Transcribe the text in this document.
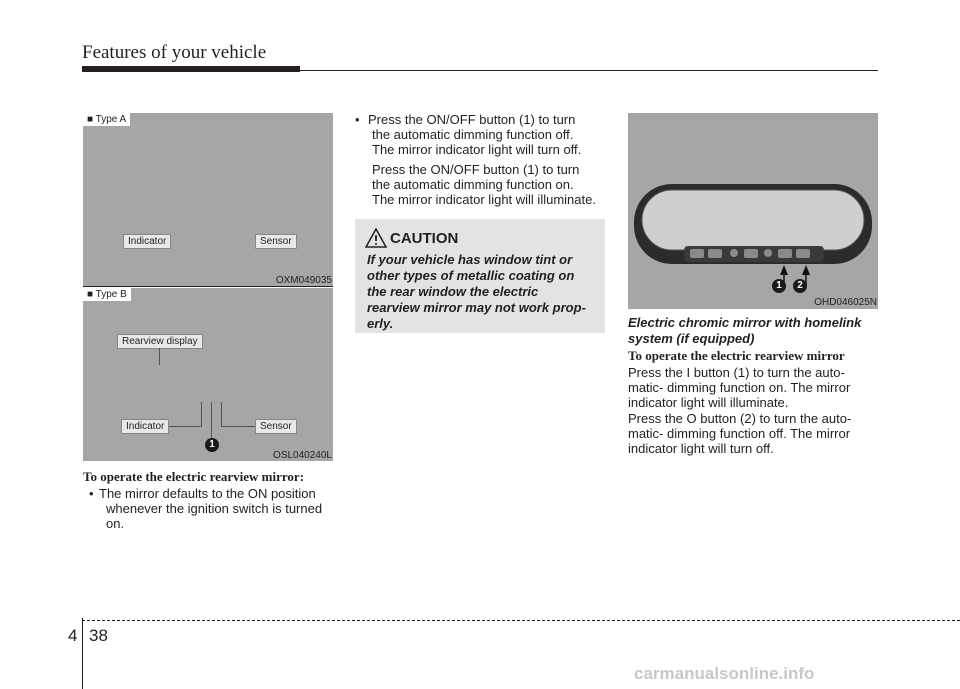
Features of your vehicle
■ Type A
Indicator	Sensor
OXM049035
■ Type B
Rearview display
Indicator	Sensor
1
OSL040240L
To operate the electric rearview mirror:
• The mirror defaults to the ON position
whenever the ignition switch is turned
on.
• Press the ON/OFF button (1) to turn
the automatic dimming function off.
The mirror indicator light will turn off.
Press the ON/OFF button (1) to turn
the automatic dimming function on.
The mirror indicator light will illuminate.
CAUTION
If your vehicle has window tint or
other types of metallic coating on
the rear window the electric
rearview mirror may not work prop-
erly.
1	2
OHD046025N
Electric chromic mirror with homelink
system (if equipped)
To operate the electric rearview mirror
Press the I button (1) to turn the auto-
matic- dimming function on. The mirror
indicator light will illuminate.
Press the O button (2) to turn the auto-
matic- dimming function off. The mirror
indicator light will turn off.
4 38
carmanualsonline.info
